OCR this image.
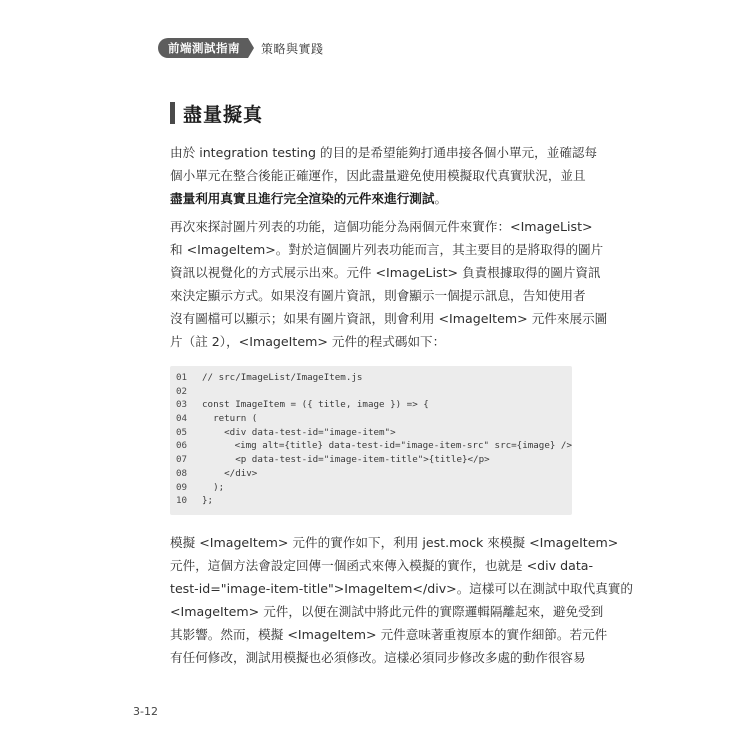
前端測試指南	策略與實踐
盡量擬真

由於 integration testing 的目的是希望能夠打通串接各個小單元，並確認每
個小單元在整合後能正確運作，因此盡量避免使用模擬取代真實狀況，並且
盡量利用真實且進行完全渲染的元件來進行測試。

再次來探討圖片列表的功能，這個功能分為兩個元件來實作：<ImageList>
和 <ImageItem>。對於這個圖片列表功能而言，其主要目的是將取得的圖片
資訊以視覺化的方式展示出來。元件 <ImageList> 負責根據取得的圖片資訊
來決定顯示方式。如果沒有圖片資訊，則會顯示一個提示訊息，告知使用者
沒有圖檔可以顯示；如果有圖片資訊，則會利用 <ImageItem> 元件來展示圖
片（註 2），<ImageItem> 元件的程式碼如下：

01	// src/ImageList/ImageItem.js
02
03	const ImageItem = ({ title, image }) => {
04	return (
05	<div data-test-id="image-item">
06	<img alt={title} data-test-id="image-item-src" src={image} />
07	<p data-test-id="image-item-title">{title}</p>
08	</div>
09	);
10	};

模擬 <ImageItem> 元件的實作如下，利用 jest.mock 來模擬 <ImageItem>
元件，這個方法會設定回傳一個函式來傳入模擬的實作，也就是 <div data-
test-id="image-item-title">ImageItem</div>。這樣可以在測試中取代真實的
<ImageItem> 元件，以便在測試中將此元件的實際邏輯隔離起來，避免受到
其影響。然而，模擬 <ImageItem> 元件意味著重複原本的實作細節。若元件
有任何修改，測試用模擬也必須修改。這樣必須同步修改多處的動作很容易

3-12
